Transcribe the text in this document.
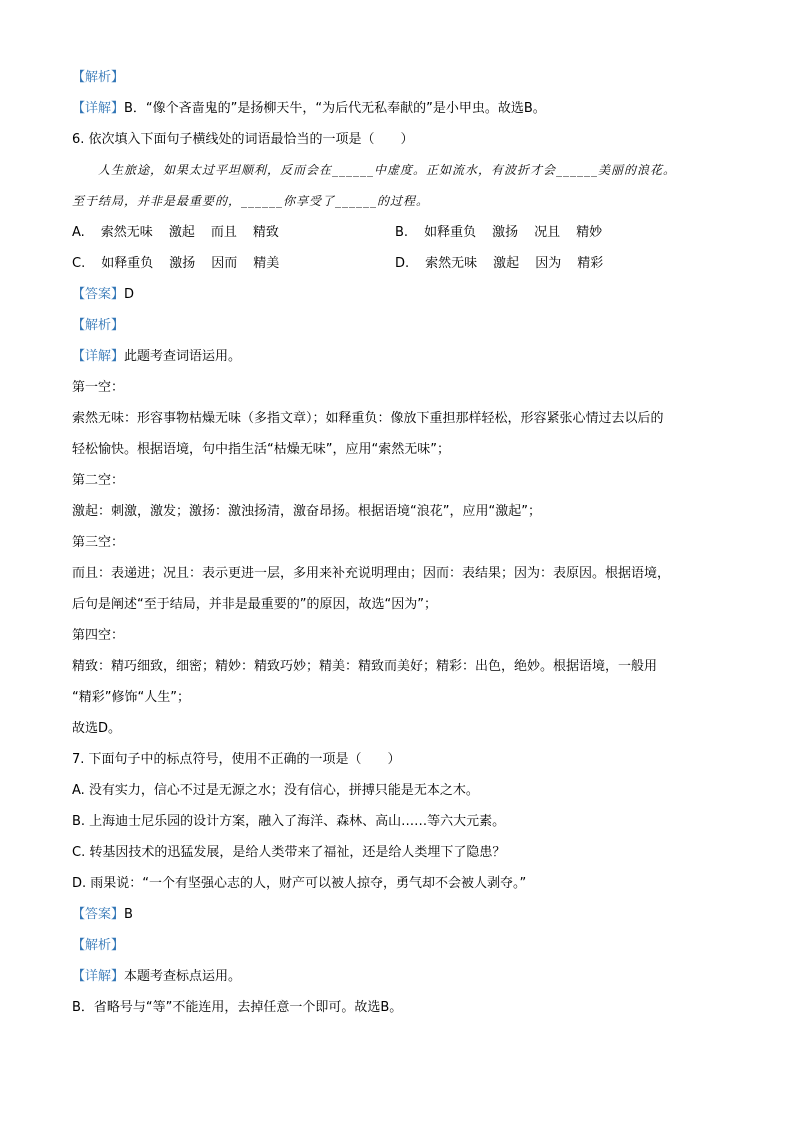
【解析】
【详解】B．“像个吝啬鬼的”是扬柳天牛，“为后代无私奉献的”是小甲虫。故选B。
6. 依次填入下面句子横线处的词语最恰当的一项是（　　）
人生旅途，如果太过平坦顺利，反而会在______中虚度。正如流水，有波折才会______美丽的浪花。
至于结局，并非是最重要的，______你享受了______的过程。
A. 索然无味 激起 而且 精致	B. 如释重负 激扬 况且 精妙
C. 如释重负 激扬 因而 精美	D. 索然无味 激起 因为 精彩
【答案】D
【解析】
【详解】此题考查词语运用。
第一空：
索然无味：形容事物枯燥无味（多指文章）；如释重负：像放下重担那样轻松，形容紧张心情过去以后的
轻松愉快。根据语境，句中指生活“枯燥无味”，应用“索然无味”；
第二空：
激起：刺激，激发；激扬：激浊扬清，激奋昂扬。根据语境“浪花”，应用“激起”；
第三空：
而且：表递进；况且：表示更进一层，多用来补充说明理由；因而：表结果；因为：表原因。根据语境，
后句是阐述“至于结局，并非是最重要的”的原因，故选“因为”；
第四空：
精致：精巧细致，细密；精妙：精致巧妙；精美：精致而美好；精彩：出色，绝妙。根据语境，一般用
“精彩”修饰“人生”；
故选D。
7. 下面句子中的标点符号，使用不正确的一项是（　　）
A. 没有实力，信心不过是无源之水；没有信心，拼搏只能是无本之木。
B. 上海迪士尼乐园的设计方案，融入了海洋、森林、高山……等六大元素。
C. 转基因技术的迅猛发展，是给人类带来了福祉，还是给人类埋下了隐患？
D. 雨果说：“一个有坚强心志的人，财产可以被人掠夺，勇气却不会被人剥夺。”
【答案】B
【解析】
【详解】本题考查标点运用。
B．省略号与“等”不能连用，去掉任意一个即可。故选B。
